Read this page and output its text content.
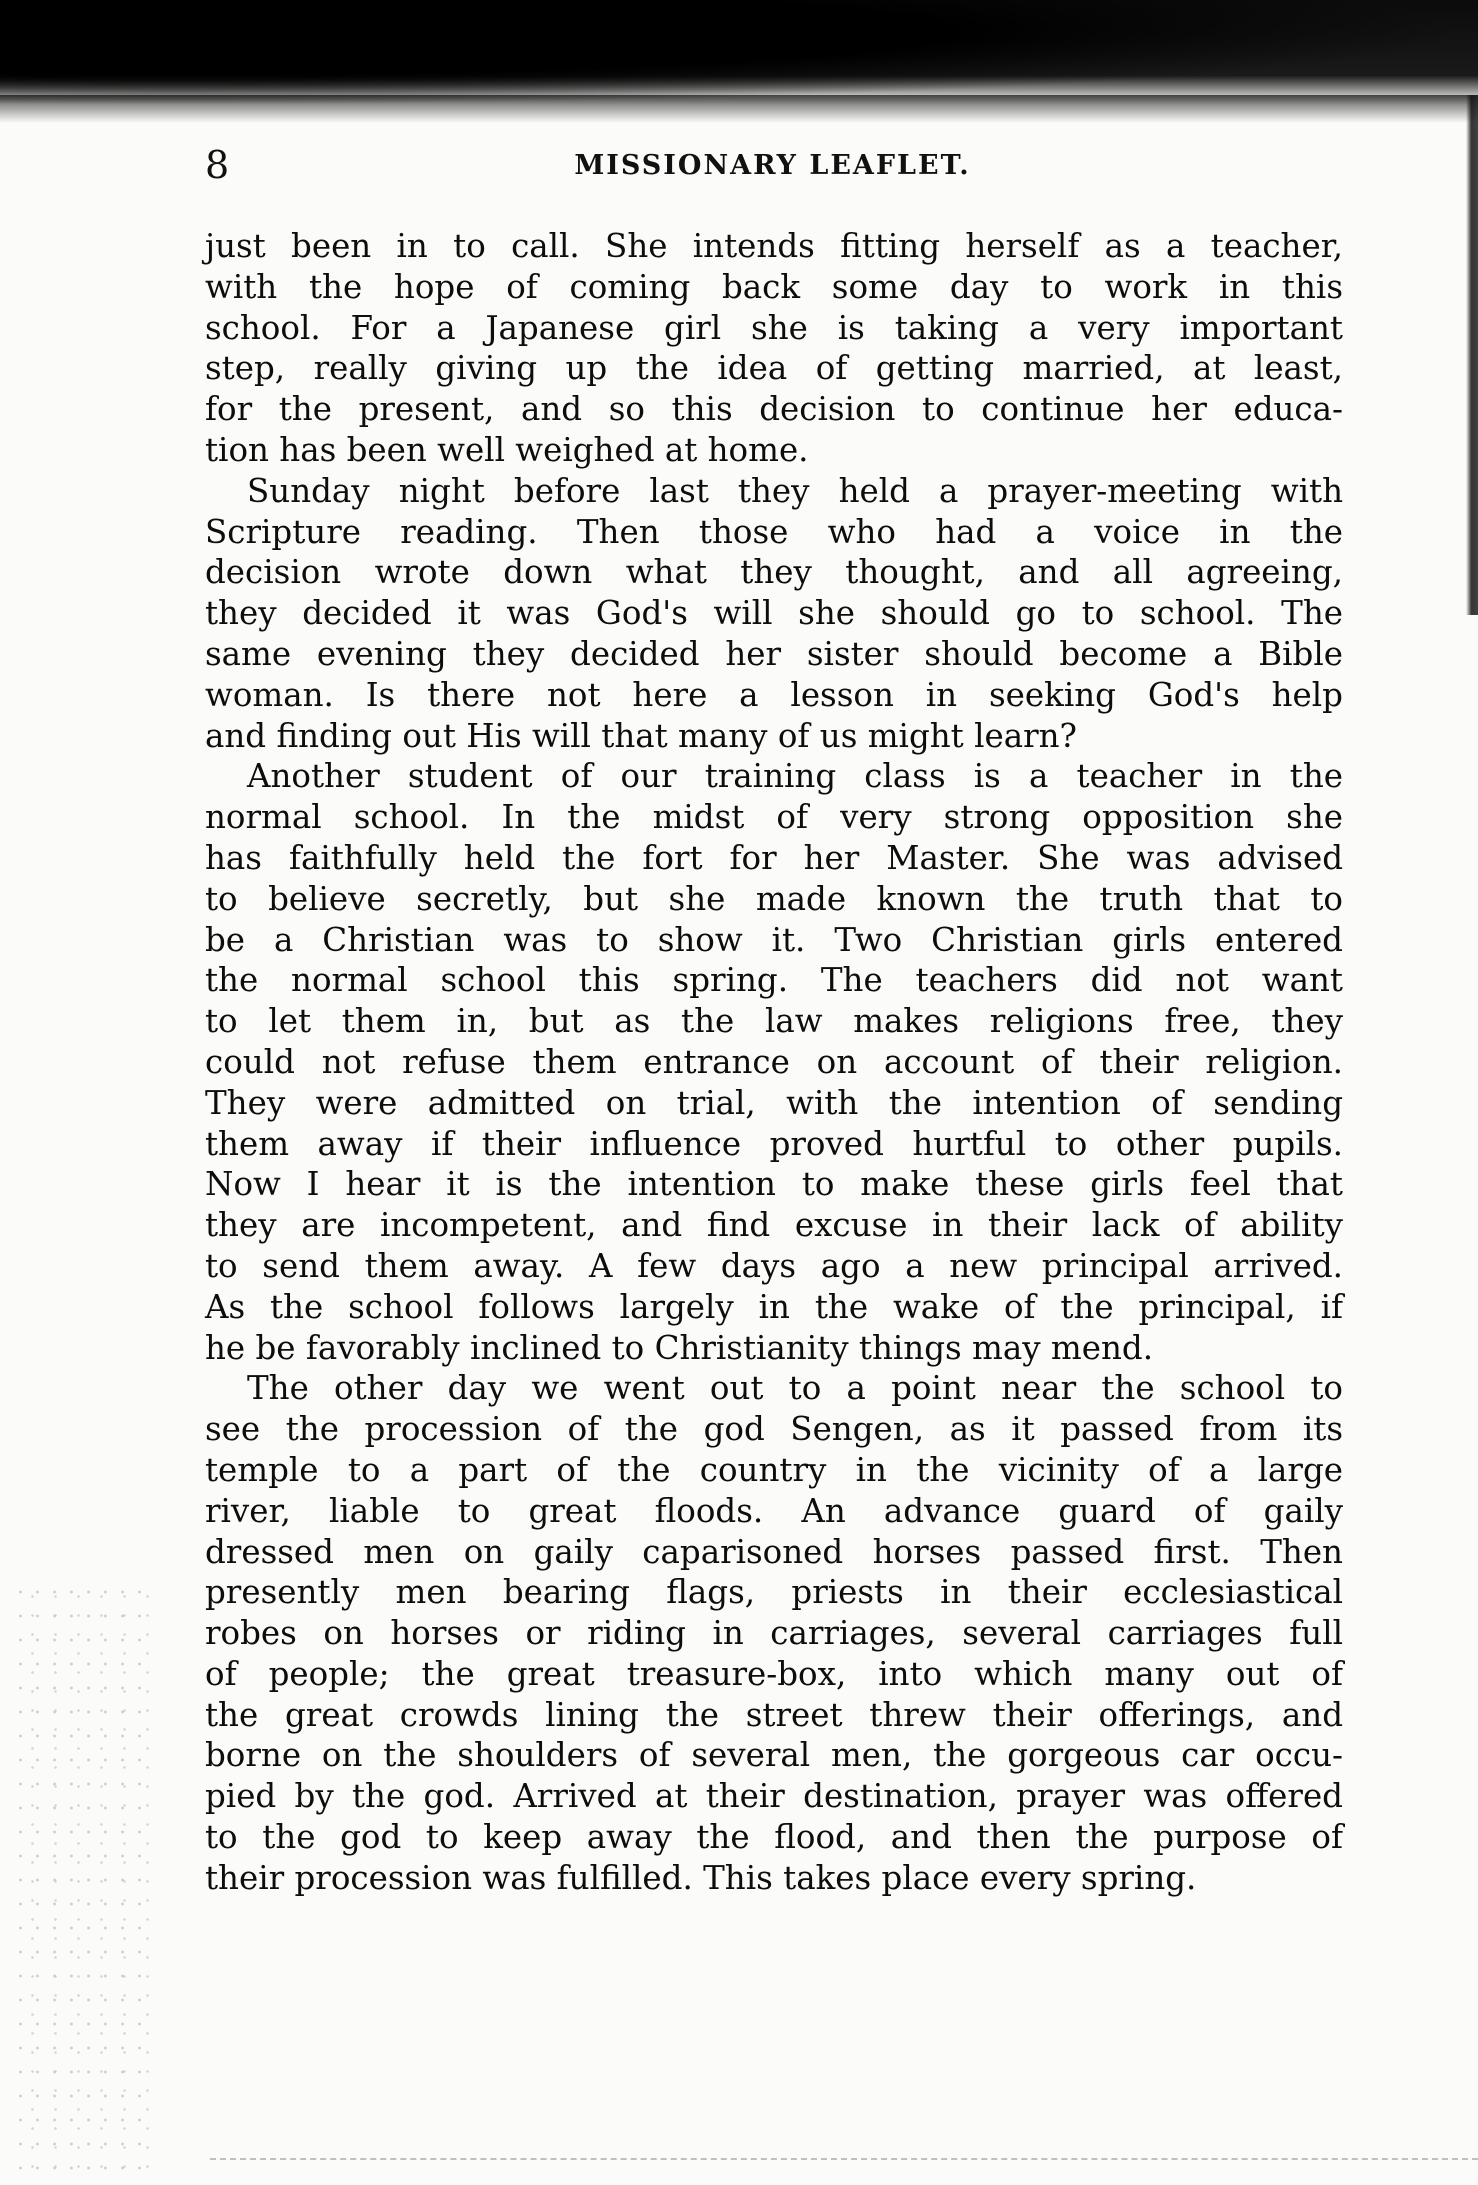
8	MISSIONARY LEAFLET.
just been in to call. She intends fitting herself as a teacher,
with the hope of coming back some day to work in this
school. For a Japanese girl she is taking a very important
step, really giving up the idea of getting married, at least,
for the present, and so this decision to continue her educa-
tion has been well weighed at home.
Sunday night before last they held a prayer-meeting with
Scripture reading. Then those who had a voice in the
decision wrote down what they thought, and all agreeing,
they decided it was God's will she should go to school. The
same evening they decided her sister should become a Bible
woman. Is there not here a lesson in seeking God's help
and finding out His will that many of us might learn?
Another student of our training class is a teacher in the
normal school. In the midst of very strong opposition she
has faithfully held the fort for her Master. She was advised
to believe secretly, but she made known the truth that to
be a Christian was to show it. Two Christian girls entered
the normal school this spring. The teachers did not want
to let them in, but as the law makes religions free, they
could not refuse them entrance on account of their religion.
They were admitted on trial, with the intention of sending
them away if their influence proved hurtful to other pupils.
Now I hear it is the intention to make these girls feel that
they are incompetent, and find excuse in their lack of ability
to send them away. A few days ago a new principal arrived.
As the school follows largely in the wake of the principal, if
he be favorably inclined to Christianity things may mend.
The other day we went out to a point near the school to
see the procession of the god Sengen, as it passed from its
temple to a part of the country in the vicinity of a large
river, liable to great floods. An advance guard of gaily
dressed men on gaily caparisoned horses passed first. Then
presently men bearing flags, priests in their ecclesiastical
robes on horses or riding in carriages, several carriages full
of people; the great treasure-box, into which many out of
the great crowds lining the street threw their offerings, and
borne on the shoulders of several men, the gorgeous car occu-
pied by the god. Arrived at their destination, prayer was offered
to the god to keep away the flood, and then the purpose of
their procession was fulfilled. This takes place every spring.
